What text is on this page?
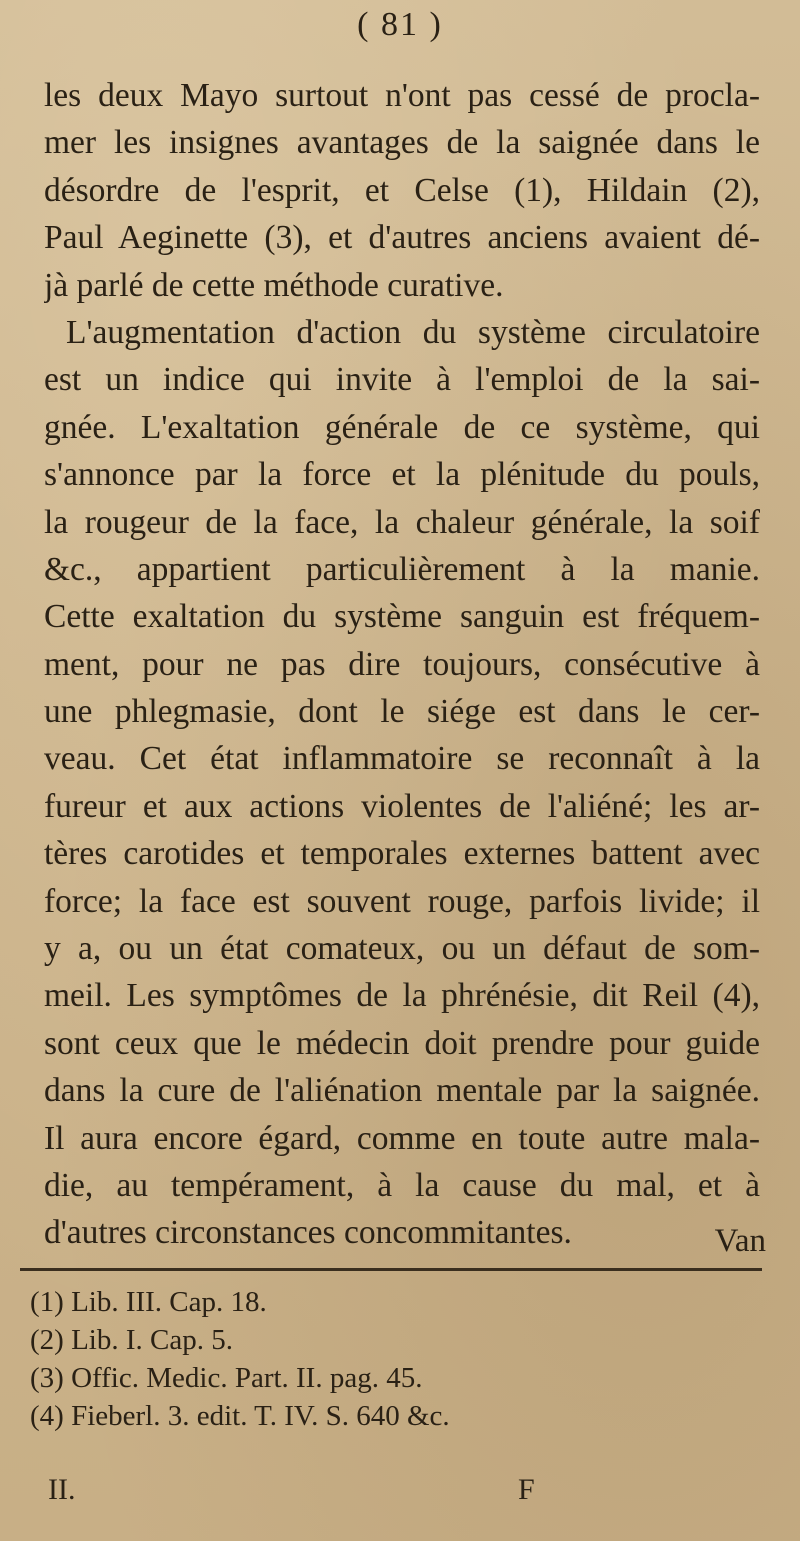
( 81 )
les deux Mayo surtout n'ont pas cessé de procla-
mer les insignes avantages de la saignée dans le
désordre de l'esprit, et Celse (1), Hildain (2),
Paul Aeginette (3), et d'autres anciens avaient dé-
jà parlé de cette méthode curative.
L'augmentation d'action du système circulatoire
est un indice qui invite à l'emploi de la sai-
gnée. L'exaltation générale de ce système, qui
s'annonce par la force et la plénitude du pouls,
la rougeur de la face, la chaleur générale, la soif
&c., appartient particulièrement à la manie.
Cette exaltation du système sanguin est fréquem-
ment, pour ne pas dire toujours, consécutive à
une phlegmasie, dont le siége est dans le cer-
veau. Cet état inflammatoire se reconnaît à la
fureur et aux actions violentes de l'aliéné; les ar-
tères carotides et temporales externes battent avec
force; la face est souvent rouge, parfois livide; il
y a, ou un état comateux, ou un défaut de som-
meil. Les symptômes de la phrénésie, dit Reil (4),
sont ceux que le médecin doit prendre pour guide
dans la cure de l'aliénation mentale par la saignée.
Il aura encore égard, comme en toute autre mala-
die, au tempérament, à la cause du mal, et à
d'autres circonstances concommitantes.	Van
(1) Lib. III. Cap. 18.
(2) Lib. I. Cap. 5.
(3) Offic. Medic. Part. II. pag. 45.
(4) Fieberl. 3. edit. T. IV. S. 640 &c.
II.	F
